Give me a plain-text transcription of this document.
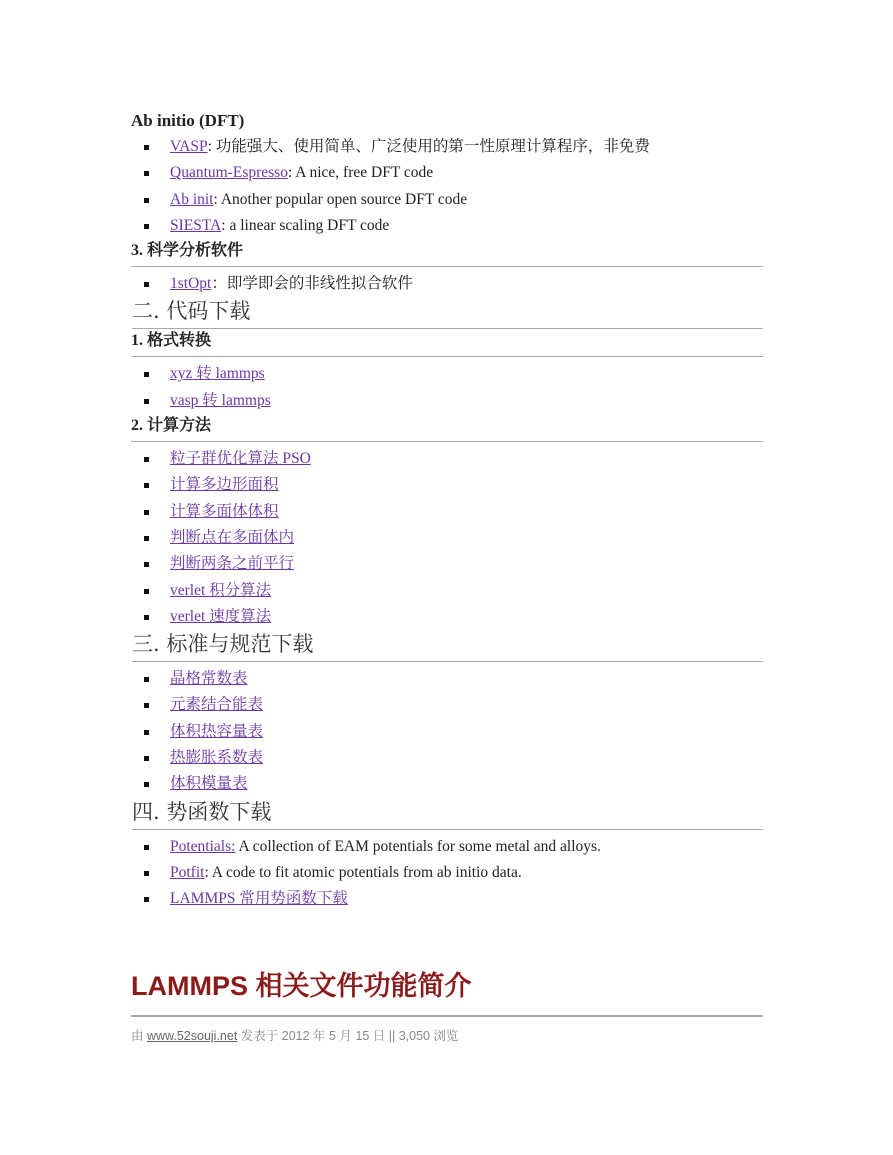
Ab initio (DFT)
VASP: 功能强大、使用简单、广泛使用的第一性原理计算程序，非免费
Quantum-Espresso: A nice, free DFT code
Ab init: Another popular open source DFT code
SIESTA: a linear scaling DFT code
3. 科学分析软件
1stOpt：即学即会的非线性拟合软件
二. 代码下载
1. 格式转换
xyz 转 lammps
vasp 转 lammps
2. 计算方法
粒子群优化算法 PSO
计算多边形面积
计算多面体体积
判断点在多面体内
判断两条之前平行
verlet 积分算法
verlet 速度算法
三. 标准与规范下载
晶格常数表
元素结合能表
体积热容量表
热膨胀系数表
体积模量表
四. 势函数下载
Potentials: A collection of EAM potentials for some metal and alloys.
Potfit: A code to fit atomic potentials from ab initio data.
LAMMPS 常用势函数下载
LAMMPS 相关文件功能简介
由 www.52souji.net 发表于 2012 年 5 月 15 日 || 3,050 浏览
